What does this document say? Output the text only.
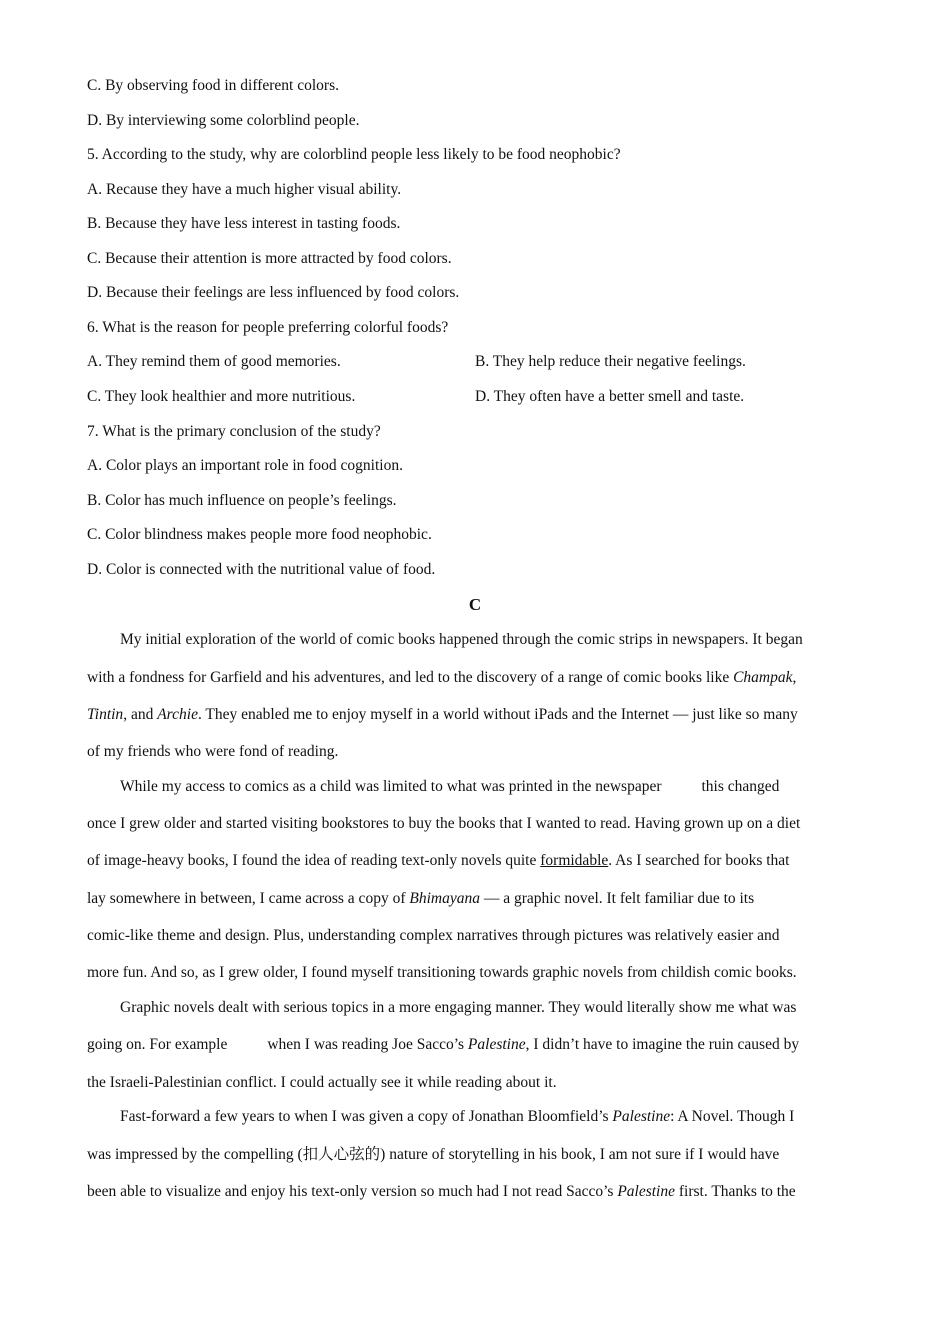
C. By observing food in different colors.
D. By interviewing some colorblind people.
5. According to the study, why are colorblind people less likely to be food neophobic?
A. Recause they have a much higher visual ability.
B. Because they have less interest in tasting foods.
C. Because their attention is more attracted by food colors.
D. Because their feelings are less influenced by food colors.
6. What is the reason for people preferring colorful foods?
A. They remind them of good memories.	B. They help reduce their negative feelings.
C. They look healthier and more nutritious.	D. They often have a better smell and taste.
7. What is the primary conclusion of the study?
A. Color plays an important role in food cognition.
B. Color has much influence on people’s feelings.
C. Color blindness makes people more food neophobic.
D. Color is connected with the nutritional value of food.
C
My initial exploration of the world of comic books happened through the comic strips in newspapers. It began
with a fondness for Garfield and his adventures, and led to the discovery of a range of comic books like Champak,
Tintin, and Archie. They enabled me to enjoy myself in a world without iPads and the Internet — just like so many
of my friends who were fond of reading.
While my access to comics as a child was limited to what was printed in the newspaper	this changed
once I grew older and started visiting bookstores to buy the books that I wanted to read. Having grown up on a diet
of image-heavy books, I found the idea of reading text-only novels quite formidable. As I searched for books that
lay somewhere in between, I came across a copy of Bhimayana — a graphic novel. It felt familiar due to its
comic-like theme and design. Plus, understanding complex narratives through pictures was relatively easier and
more fun. And so, as I grew older, I found myself transitioning towards graphic novels from childish comic books.
Graphic novels dealt with serious topics in a more engaging manner. They would literally show me what was
going on. For example	when I was reading Joe Sacco’s Palestine, I didn’t have to imagine the ruin caused by
the Israeli-Palestinian conflict. I could actually see it while reading about it.
Fast-forward a few years to when I was given a copy of Jonathan Bloomfield’s Palestine: A Novel. Though I
was impressed by the compelling (扣人心弦的) nature of storytelling in his book, I am not sure if I would have
been able to visualize and enjoy his text-only version so much had I not read Sacco’s Palestine first. Thanks to the
